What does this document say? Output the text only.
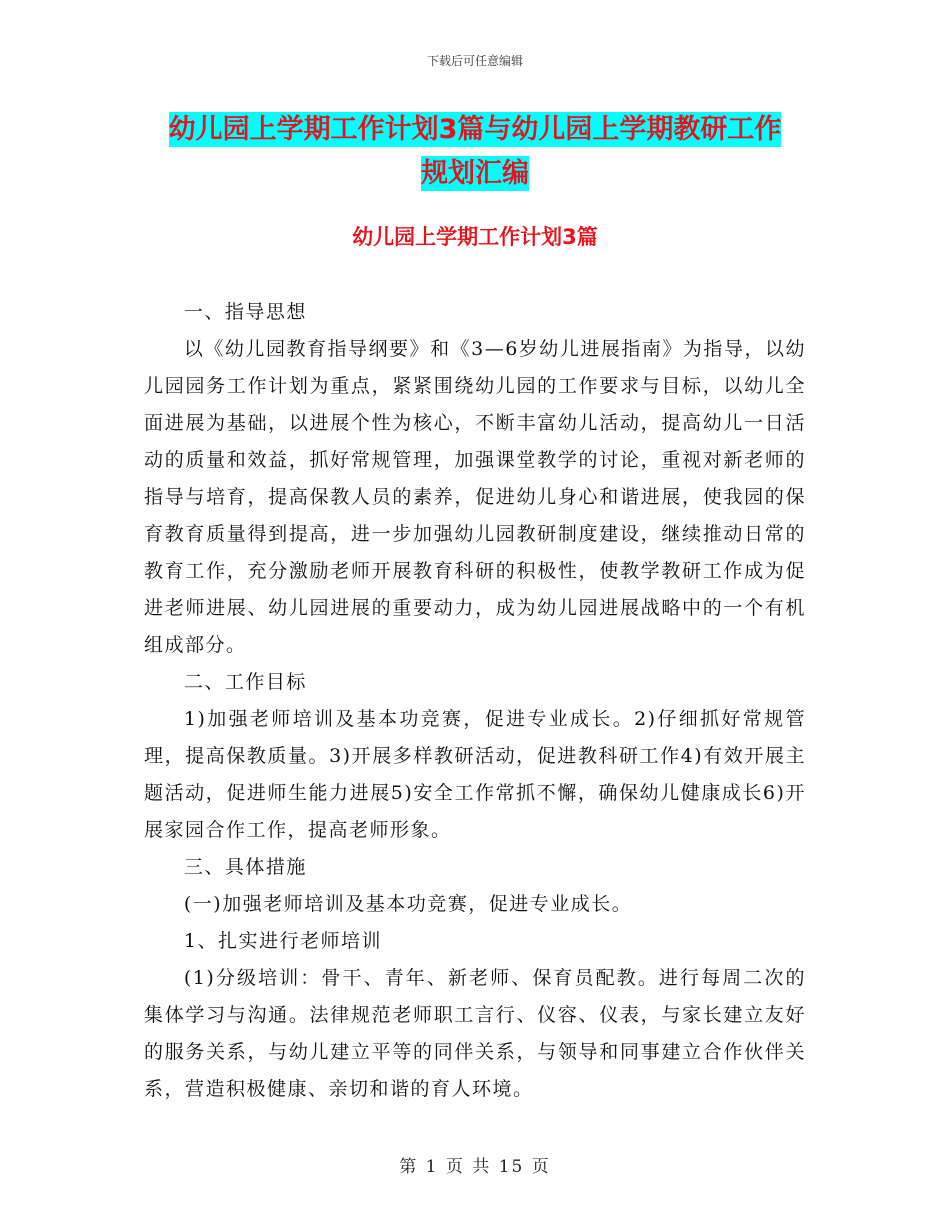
下载后可任意编辑
幼儿园上学期工作计划3篇与幼儿园上学期教研工作
规划汇编
幼儿园上学期工作计划3篇

一、指导思想

以《幼儿园教育指导纲要》和《3—6岁幼儿进展指南》为指导，以幼儿园园务工作计划为重点，紧紧围绕幼儿园的工作要求与目标，以幼儿全面进展为基础，以进展个性为核心，不断丰富幼儿活动，提高幼儿一日活动的质量和效益，抓好常规管理，加强课堂教学的讨论，重视对新老师的指导与培育，提高保教人员的素养，促进幼儿身心和谐进展，使我园的保育教育质量得到提高，进一步加强幼儿园教研制度建设，继续推动日常的教育工作，充分激励老师开展教育科研的积极性，使教学教研工作成为促进老师进展、幼儿园进展的重要动力，成为幼儿园进展战略中的一个有机组成部分。

二、工作目标

1)加强老师培训及基本功竞赛，促进专业成长。2)仔细抓好常规管理，提高保教质量。3)开展多样教研活动，促进教科研工作4)有效开展主题活动，促进师生能力进展5)安全工作常抓不懈，确保幼儿健康成长6)开展家园合作工作，提高老师形象。

三、具体措施

(一)加强老师培训及基本功竞赛，促进专业成长。

1、扎实进行老师培训

(1)分级培训：骨干、青年、新老师、保育员配教。进行每周二次的集体学习与沟通。法律规范老师职工言行、仪容、仪表，与家长建立友好的服务关系，与幼儿建立平等的同伴关系，与领导和同事建立合作伙伴关系，营造积极健康、亲切和谐的育人环境。

第 1 页 共 15 页
